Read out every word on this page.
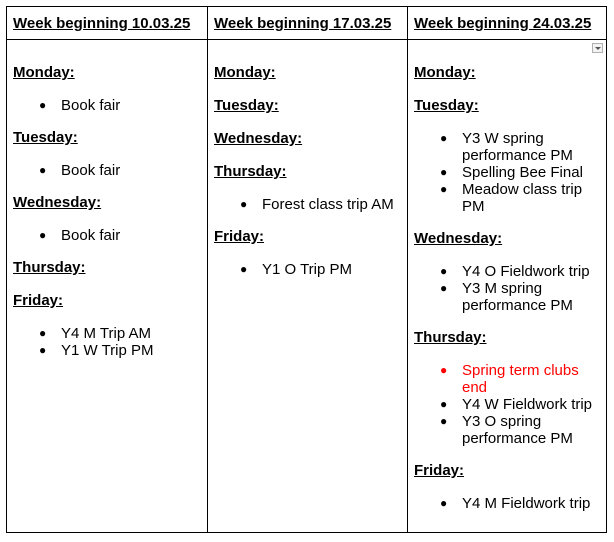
Week beginning 10.03.25	Week beginning 17.03.25	Week beginning 24.03.25

Monday:

● Book fair

Tuesday:

● Book fair

Wednesday:

● Book fair

Thursday:

Friday:

● Y4 M Trip AM
● Y1 W Trip PM

Monday:

Tuesday:

Wednesday:

Thursday:

● Forest class trip AM

Friday:

● Y1 O Trip PM

Monday:

Tuesday:

● Y3 W spring performance PM
● Spelling Bee Final
● Meadow class trip PM

Wednesday:

● Y4 O Fieldwork trip
● Y3 M spring performance PM

Thursday:

● Spring term clubs end
● Y4 W Fieldwork trip
● Y3 O spring performance PM

Friday:

● Y4 M Fieldwork trip
